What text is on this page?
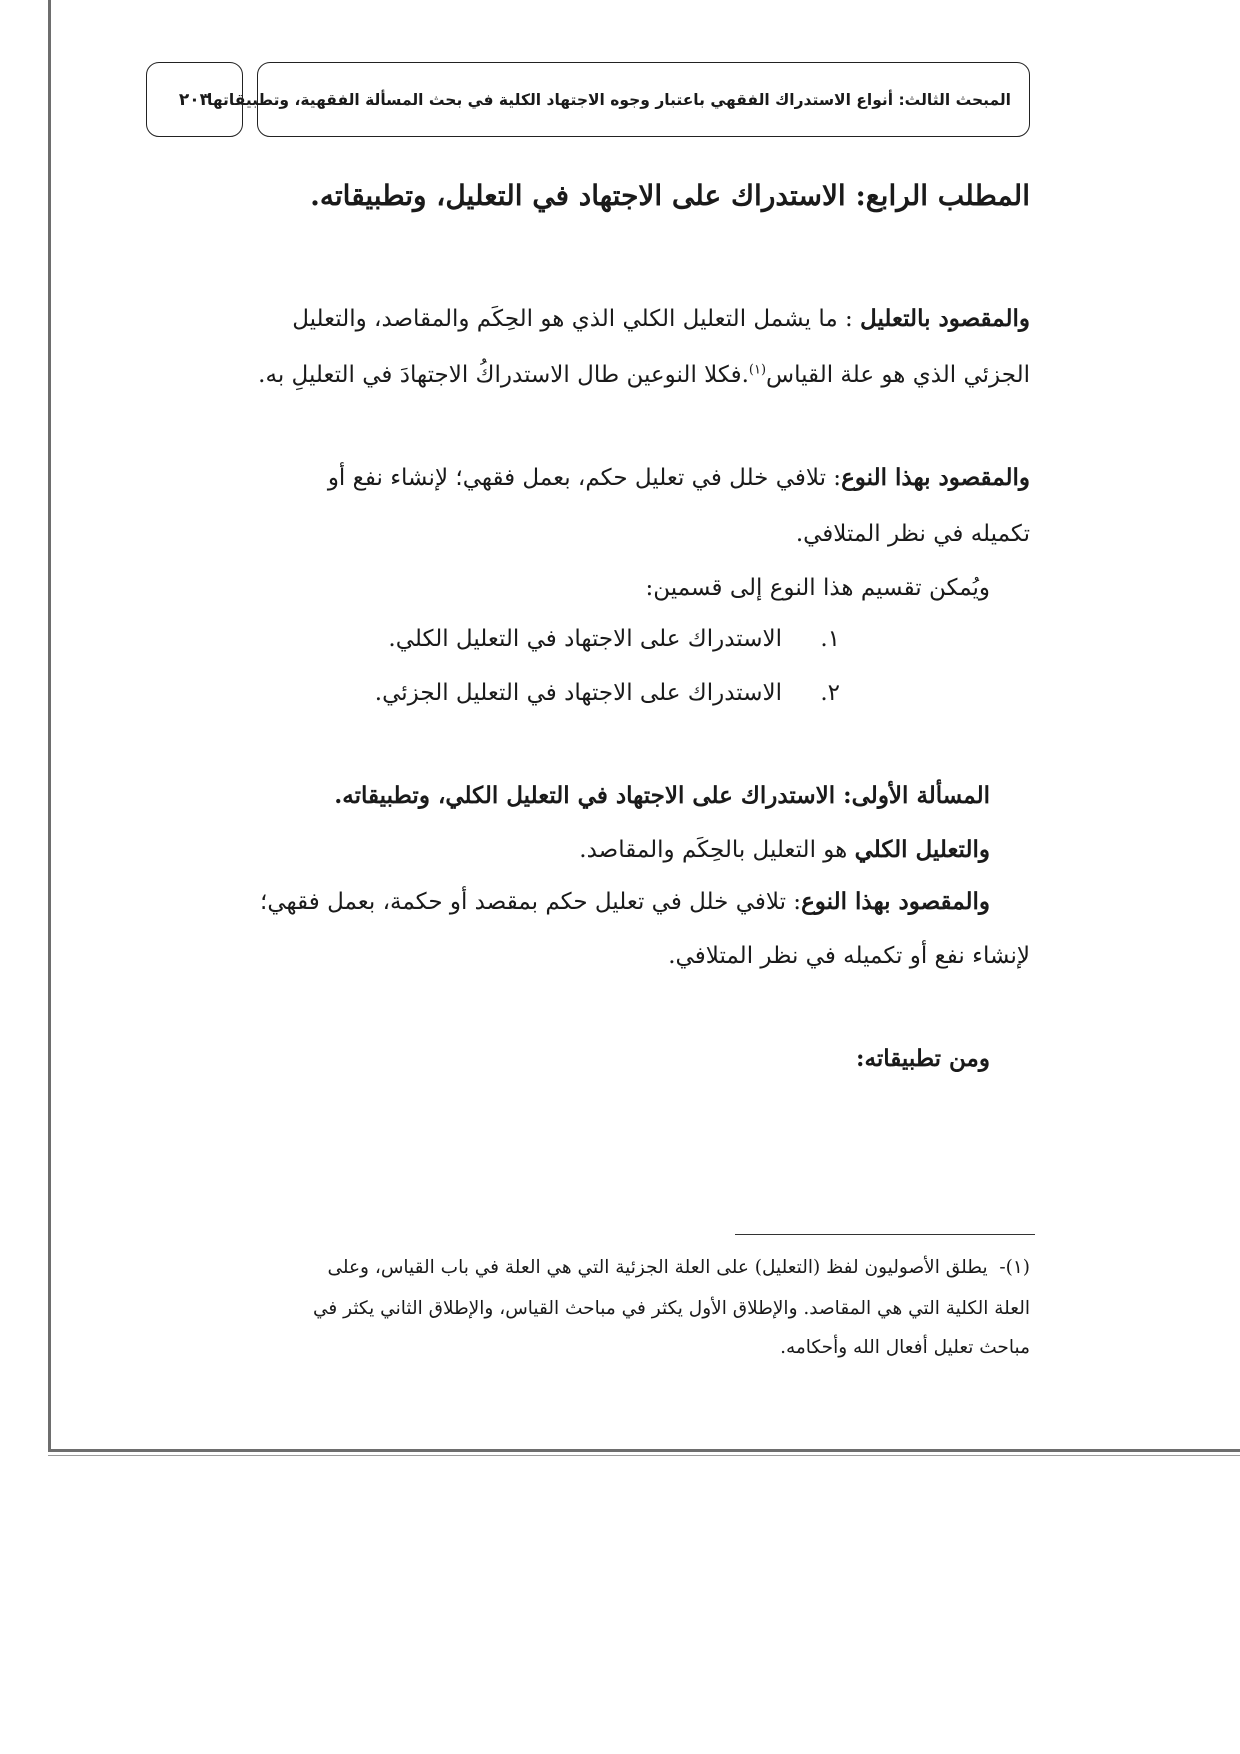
المبحث الثالث: أنواع الاستدراك الفقهي باعتبار وجوه الاجتهاد الكلية في بحث المسألة الفقهية، وتطبيقاتها
٢٠٣
المطلب الرابع: الاستدراك على الاجتهاد في التعليل، وتطبيقاته.
والمقصود بالتعليل : ما يشمل التعليل الكلي الذي هو الحِكَم والمقاصد، والتعليل
الجزئي الذي هو علة القياس$^{(١)}$.فكلا النوعين طال الاستدراكُ الاجتهادَ في التعليلِ به.
والمقصود بهذا النوع: تلافي خلل في تعليل حكم، بعمل فقهي؛ لإنشاء نفع أو
تكميله في نظر المتلافي.
ويُمكن تقسيم هذا النوع إلى قسمين:
١.
الاستدراك على الاجتهاد في التعليل الكلي.
٢.
الاستدراك على الاجتهاد في التعليل الجزئي.
المسألة الأولى: الاستدراك على الاجتهاد في التعليل الكلي، وتطبيقاته.
والتعليل الكلي هو التعليل بالحِكَم والمقاصد.
والمقصود بهذا النوع: تلافي خلل في تعليل حكم بمقصد أو حكمة، بعمل فقهي؛
لإنشاء نفع أو تكميله في نظر المتلافي.
ومن تطبيقاته:
(١)-  يطلق الأصوليون لفظ (التعليل) على العلة الجزئية التي هي العلة في باب القياس، وعلى
العلة الكلية التي هي المقاصد. والإطلاق الأول يكثر في مباحث القياس، والإطلاق الثاني يكثر في
مباحث تعليل أفعال الله وأحكامه.
